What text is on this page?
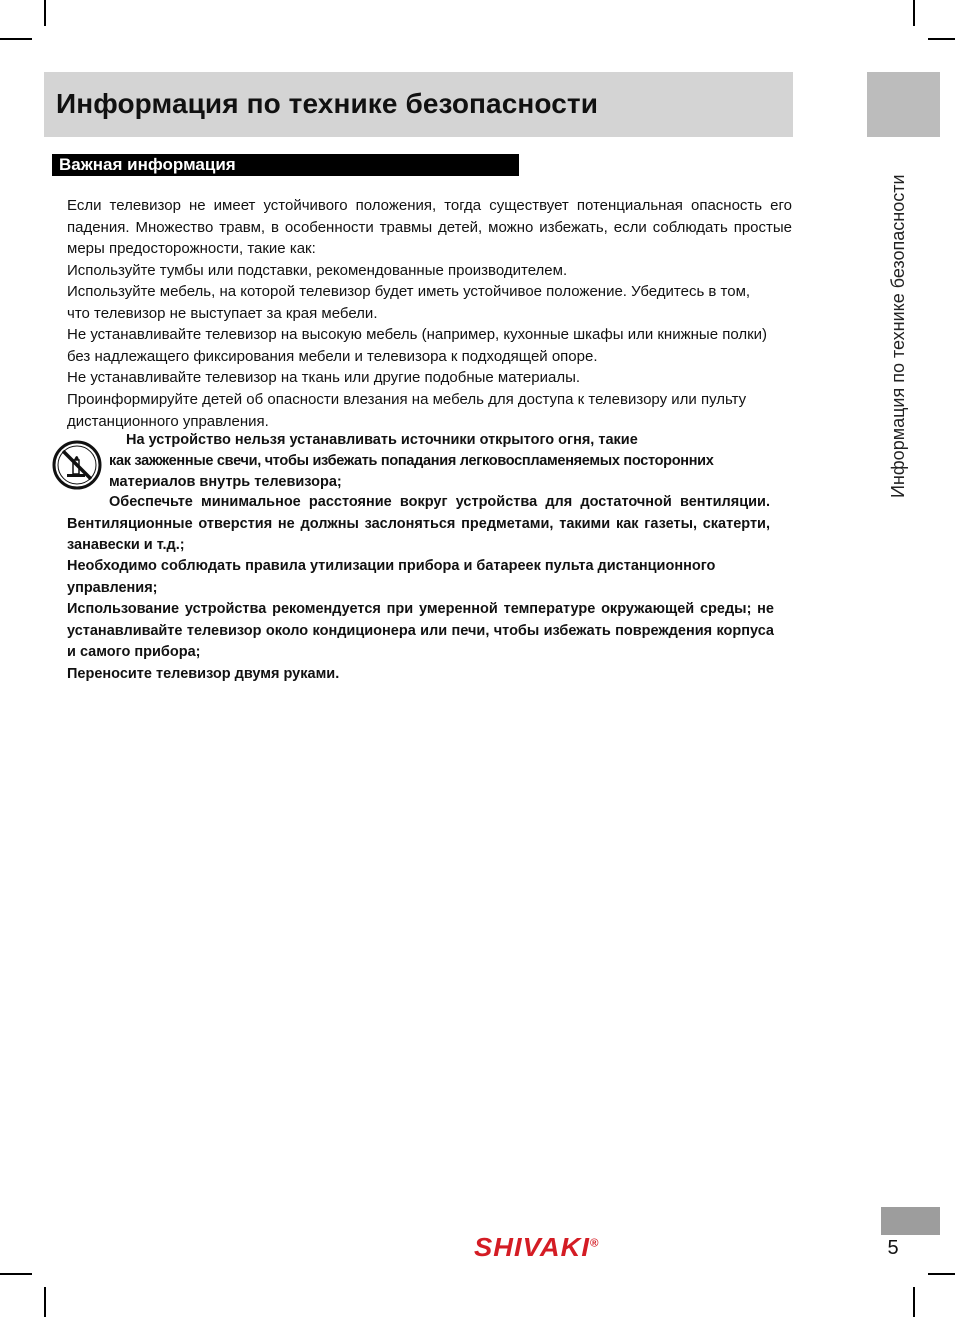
Информация по технике безопасности
Информация по технике безопасности
Важная информация
Если телевизор не имеет устойчивого положения, тогда существует потенциальная опасность его падения. Множество травм, в особенности травмы детей, можно избежать, если соблюдать простые меры предосторожности, такие как:
Используйте тумбы или подставки, рекомендованные производителем.
Используйте мебель, на которой телевизор будет иметь устойчивое положение. Убедитесь в том, что телевизор не выступает за края мебели.
Не устанавливайте телевизор на высокую мебель (например, кухонные шкафы или книжные полки) без надлежащего фиксирования мебели и телевизора к подходящей опоре.
Не устанавливайте телевизор на ткань или другие подобные материалы.
Проинформируйте детей об опасности влезания на мебель для доступа к телевизору или пульту дистанционного управления.
На устройство нельзя устанавливать источники открытого огня, такие
как зажженные свечи, чтобы избежать попадания легковоспламеняемых посторонних
материалов внутрь телевизора;
Обеспечьте минимальное расстояние вокруг устройства для достаточной вентиляции. Вентиляционные отверстия не должны заслоняться предметами, такими как газеты, скатерти, занавески и т.д.;
Необходимо соблюдать правила утилизации прибора и батареек пульта дистанционного управления;
Использование устройства рекомендуется при умеренной температуре окружающей среды; не устанавливайте телевизор около кондиционера или печи, чтобы избежать повреждения корпуса и самого прибора;
Переносите телевизор двумя руками.
SHIVAKI®	5
